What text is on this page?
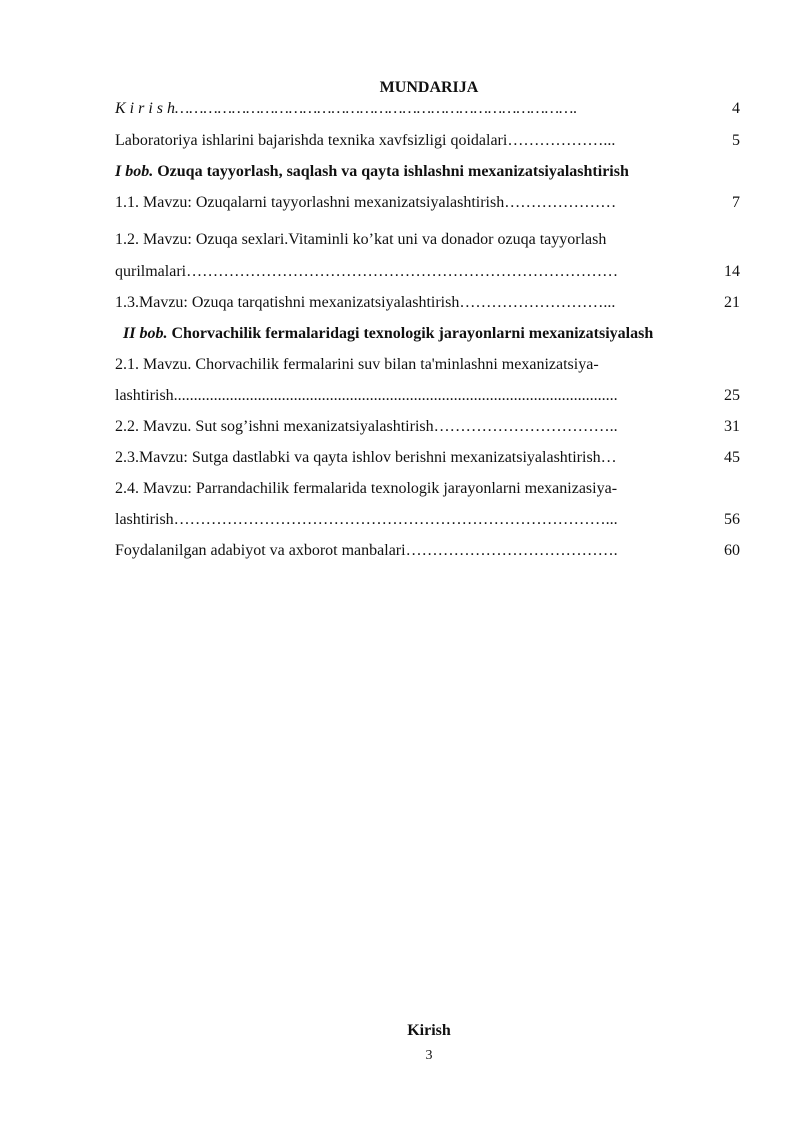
MUNDARIJA
K i r i s h………………………………………………………………………….	4
Laboratoriya ishlarini bajarishda texnika xavfsizligi qoidalari………………...	5
I bob. Ozuqa tayyorlash, saqlash va qayta ishlashni mexanizatsiyalashtirish
1.1. Mavzu: Ozuqalarni tayyorlashni mexanizatsiyalashtirish…………………	7
1.2. Mavzu: Ozuqa sexlari.Vitaminli ko’kat uni va donador ozuqa tayyorlash
qurilmalari………………………………………………………………………	14
1.3.Mavzu: Ozuqa tarqatishni mexanizatsiyalashtirish………………………...	21
II bob. Chorvachilik fermalaridagi texnologik jarayonlarni mexanizatsiyalash
2.1. Mavzu. Chorvachilik fermalarini suv bilan ta'minlashni mexanizatsiya-
lashtirish...............................................................................................................	25
2.2. Mavzu. Sut sog’ishni mexanizatsiyalashtirish……………………………..	31
2.3.Mavzu: Sutga dastlabki va qayta ishlov berishni mexanizatsiyalashtirish…	45
2.4. Mavzu: Parrandachilik fermalarida texnologik jarayonlarni mexanizasiya-
lashtirish………………………………………………………………………...	56
Foydalanilgan adabiyot va axborot manbalari………………………………….	60
Kirish
3
